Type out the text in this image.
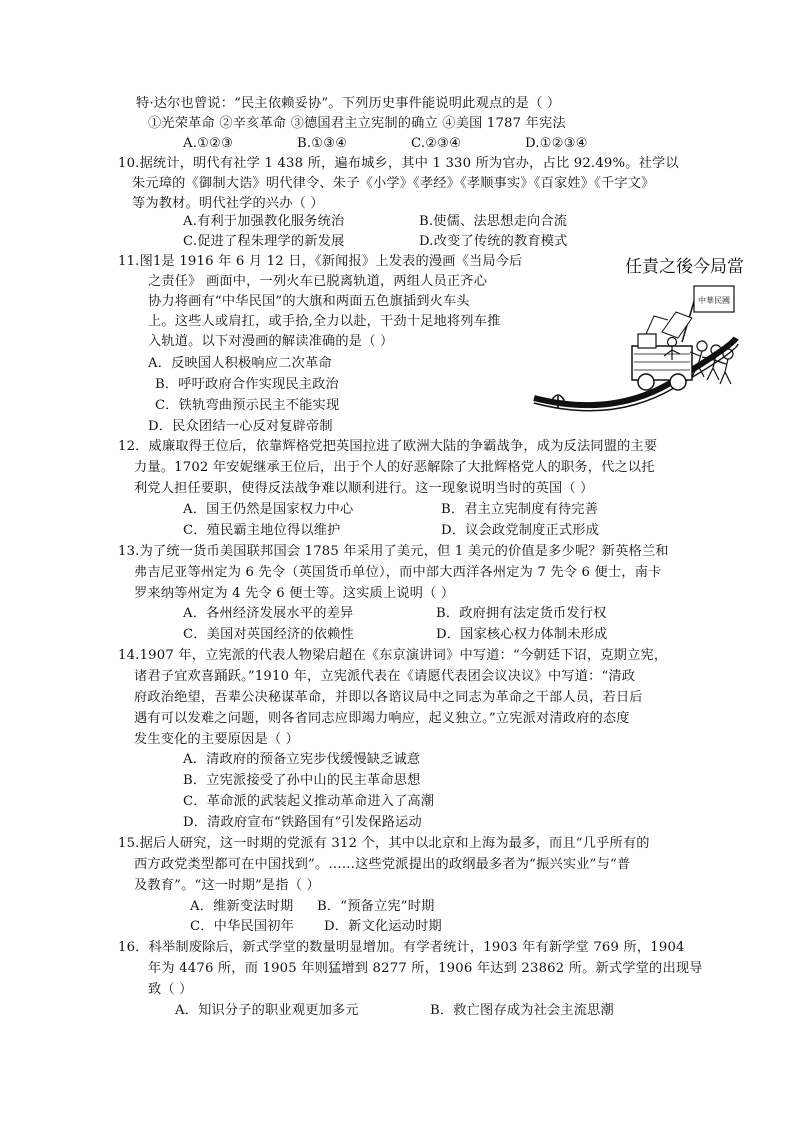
特·达尔也曾说：“民主依赖妥协”。下列历史事件能说明此观点的是（ ）
①光荣革命 ②辛亥革命 ③德国君主立宪制的确立 ④美国 1787 年宪法
A.①②③	B.①③④	C.②③④	D.①②③④
10.据统计，明代有社学 1 438 所，遍布城乡，其中 1 330 所为官办，占比 92.49%。社学以
朱元璋的《御制大诰》明代律令、朱子《小学》《孝经》《孝顺事实》《百家姓》《千字文》
等为教材。明代社学的兴办（ ）
A.有利于加强教化服务统治	B.使儒、法思想走向合流
C.促进了程朱理学的新发展	D.改变了传统的教育模式
11.图1是 1916 年 6 月 12 日，《新闻报》上发表的漫画《当局今后
之责任》 画面中，一列火车已脱离轨道，两组人员正齐心
协力将画有“中华民国”的大旗和两面五色旗插到火车头
上。这些人或肩扛，或手拾,全力以赴，干劲十足地将列车推
入轨道。以下对漫画的解读准确的是（ ）
A．反映国人积极响应二次革命
B．呼吁政府合作实现民主政治
C．铁轨弯曲预示民主不能实现
D．民众团结一心反对复辟帝制
任責之後今局當
中華民國
12．威廉取得王位后，依靠辉格党把英国拉进了欧洲大陆的争霸战争，成为反法同盟的主要
力量。1702 年安妮继承王位后，出于个人的好恶解除了大批辉格党人的职务，代之以托
利党人担任要职，使得反法战争难以顺利进行。这一现象说明当时的英国（ ）
A．国王仍然是国家权力中心	B．君主立宪制度有待完善
C．殖民霸主地位得以维护	D．议会政党制度正式形成
13.为了统一货币美国联邦国会 1785 年采用了美元，但 1 美元的价值是多少呢？新英格兰和
弗吉尼亚等州定为 6 先令（英国货币单位），而中部大西洋各州定为 7 先令 6 便士，南卡
罗来纳等州定为 4 先令 6 便士等。这实质上说明（ ）
A．各州经济发展水平的差异	B．政府拥有法定货币发行权
C．美国对英国经济的依赖性	D．国家核心权力体制未形成
14.1907 年，立宪派的代表人物梁启超在《东京演讲词》中写道：“今朝廷下诏，克期立宪，
诸君子宜欢喜踊跃。”1910 年，立宪派代表在《请愿代表团会议决议》中写道：“清政
府政治绝望，吾辈公决秘谋革命，并即以各谘议局中之同志为革命之干部人员，若日后
遇有可以发难之问题，则各省同志应即竭力响应，起义独立。”立宪派对清政府的态度
发生变化的主要原因是（ ）
A．清政府的预备立宪步伐缓慢缺乏诚意
B．立宪派接受了孙中山的民主革命思想
C．革命派的武装起义推动革命进入了高潮
D．清政府宣布“铁路国有”引发保路运动
15.据后人研究，这一时期的党派有 312 个，其中以北京和上海为最多，而且“几乎所有的
西方政党类型都可在中国找到”。……这些党派提出的政纲最多者为“振兴实业”与“普
及教育”。“这一时期”是指（ ）
A．维新变法时期 B．“预备立宪”时期
C．中华民国初年 D．新文化运动时期
16．科举制废除后，新式学堂的数量明显增加。有学者统计，1903 年有新学堂 769 所，1904
年为 4476 所，而 1905 年则猛增到 8277 所，1906 年达到 23862 所。新式学堂的出现导
致（ ）
A．知识分子的职业观更加多元	B．救亡图存成为社会主流思潮
